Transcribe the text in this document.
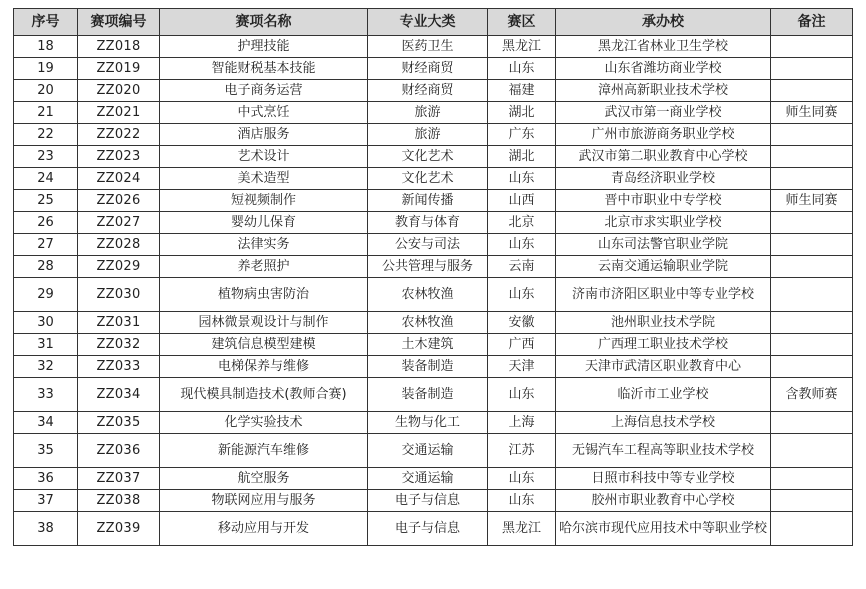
序号	赛项编号	赛项名称	专业大类	赛区	承办校	备注
18	ZZ018	护理技能	医药卫生	黑龙江	黑龙江省林业卫生学校	
19	ZZ019	智能财税基本技能	财经商贸	山东	山东省潍坊商业学校	
20	ZZ020	电子商务运营	财经商贸	福建	漳州高新职业技术学校	
21	ZZ021	中式烹饪	旅游	湖北	武汉市第一商业学校	师生同赛
22	ZZ022	酒店服务	旅游	广东	广州市旅游商务职业学校	
23	ZZ023	艺术设计	文化艺术	湖北	武汉市第二职业教育中心学校	
24	ZZ024	美术造型	文化艺术	山东	青岛经济职业学校	
25	ZZ026	短视频制作	新闻传播	山西	晋中市职业中专学校	师生同赛
26	ZZ027	婴幼儿保育	教育与体育	北京	北京市求实职业学校	
27	ZZ028	法律实务	公安与司法	山东	山东司法警官职业学院	
28	ZZ029	养老照护	公共管理与服务	云南	云南交通运输职业学院	
29	ZZ030	植物病虫害防治	农林牧渔	山东	济南市济阳区职业中等专业学校	
30	ZZ031	园林微景观设计与制作	农林牧渔	安徽	池州职业技术学院	
31	ZZ032	建筑信息模型建模	土木建筑	广西	广西理工职业技术学校	
32	ZZ033	电梯保养与维修	装备制造	天津	天津市武清区职业教育中心	
33	ZZ034	现代模具制造技术(教师合赛)	装备制造	山东	临沂市工业学校	含教师赛
34	ZZ035	化学实验技术	生物与化工	上海	上海信息技术学校	
35	ZZ036	新能源汽车维修	交通运输	江苏	无锡汽车工程高等职业技术学校	
36	ZZ037	航空服务	交通运输	山东	日照市科技中等专业学校	
37	ZZ038	物联网应用与服务	电子与信息	山东	胶州市职业教育中心学校	
38	ZZ039	移动应用与开发	电子与信息	黑龙江	哈尔滨市现代应用技术中等职业学校	
